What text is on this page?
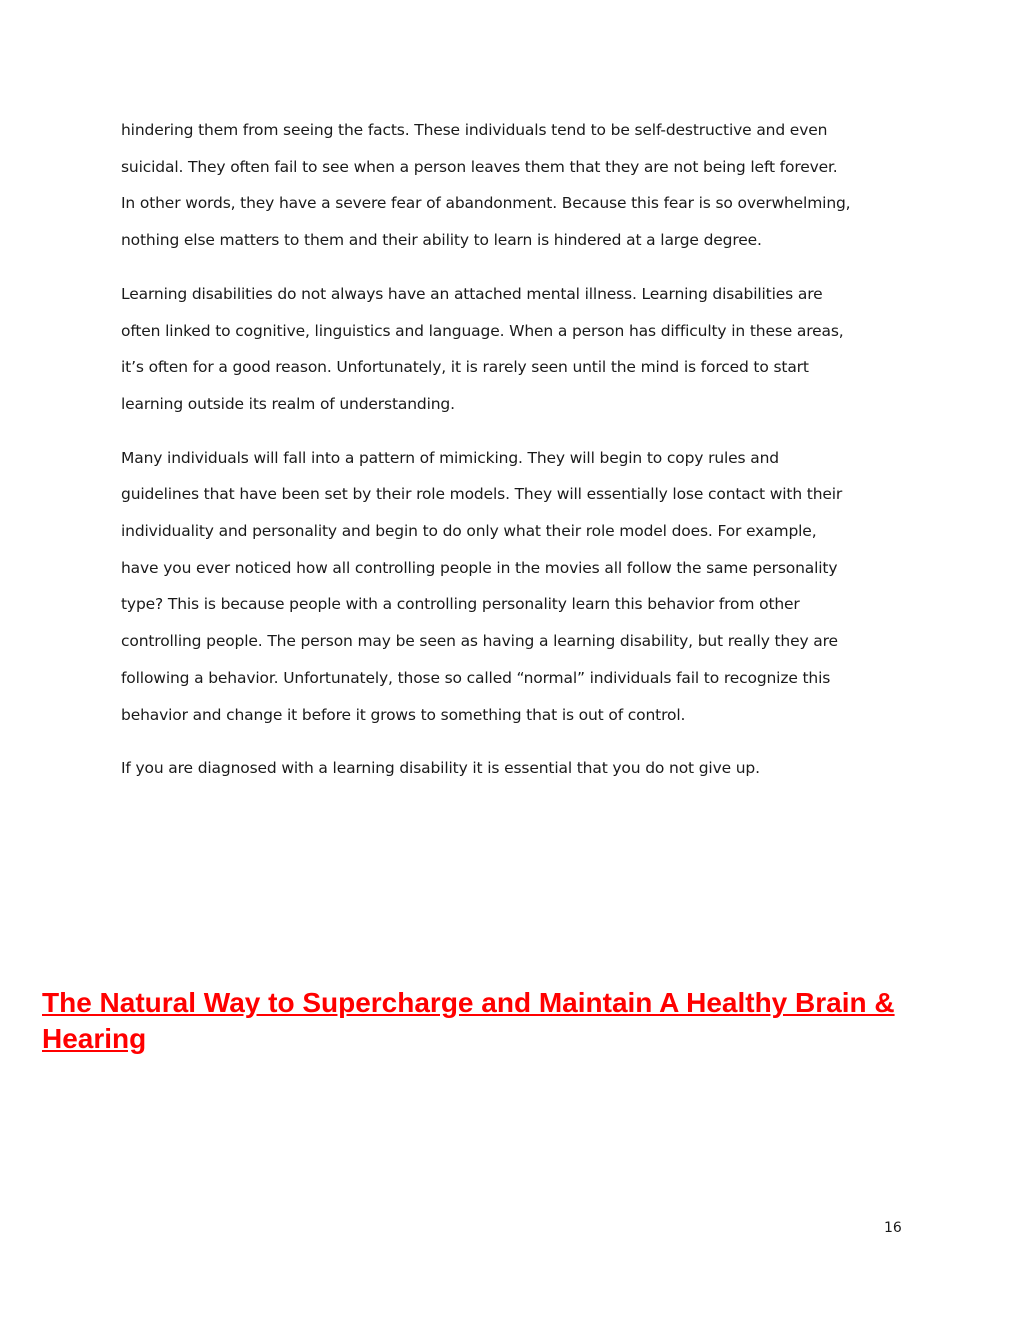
hindering them from seeing the facts. These individuals tend to be self-destructive and even
suicidal. They often fail to see when a person leaves them that they are not being left forever.
In other words, they have a severe fear of abandonment. Because this fear is so overwhelming,
nothing else matters to them and their ability to learn is hindered at a large degree.

Learning disabilities do not always have an attached mental illness. Learning disabilities are
often linked to cognitive, linguistics and language. When a person has difficulty in these areas,
it’s often for a good reason. Unfortunately, it is rarely seen until the mind is forced to start
learning outside its realm of understanding.

Many individuals will fall into a pattern of mimicking. They will begin to copy rules and
guidelines that have been set by their role models. They will essentially lose contact with their
individuality and personality and begin to do only what their role model does. For example,
have you ever noticed how all controlling people in the movies all follow the same personality
type? This is because people with a controlling personality learn this behavior from other
controlling people. The person may be seen as having a learning disability, but really they are
following a behavior. Unfortunately, those so called “normal” individuals fail to recognize this
behavior and change it before it grows to something that is out of control.

If you are diagnosed with a learning disability it is essential that you do not give up.

The Natural Way to Supercharge and Maintain A Healthy Brain &
Hearing
16
